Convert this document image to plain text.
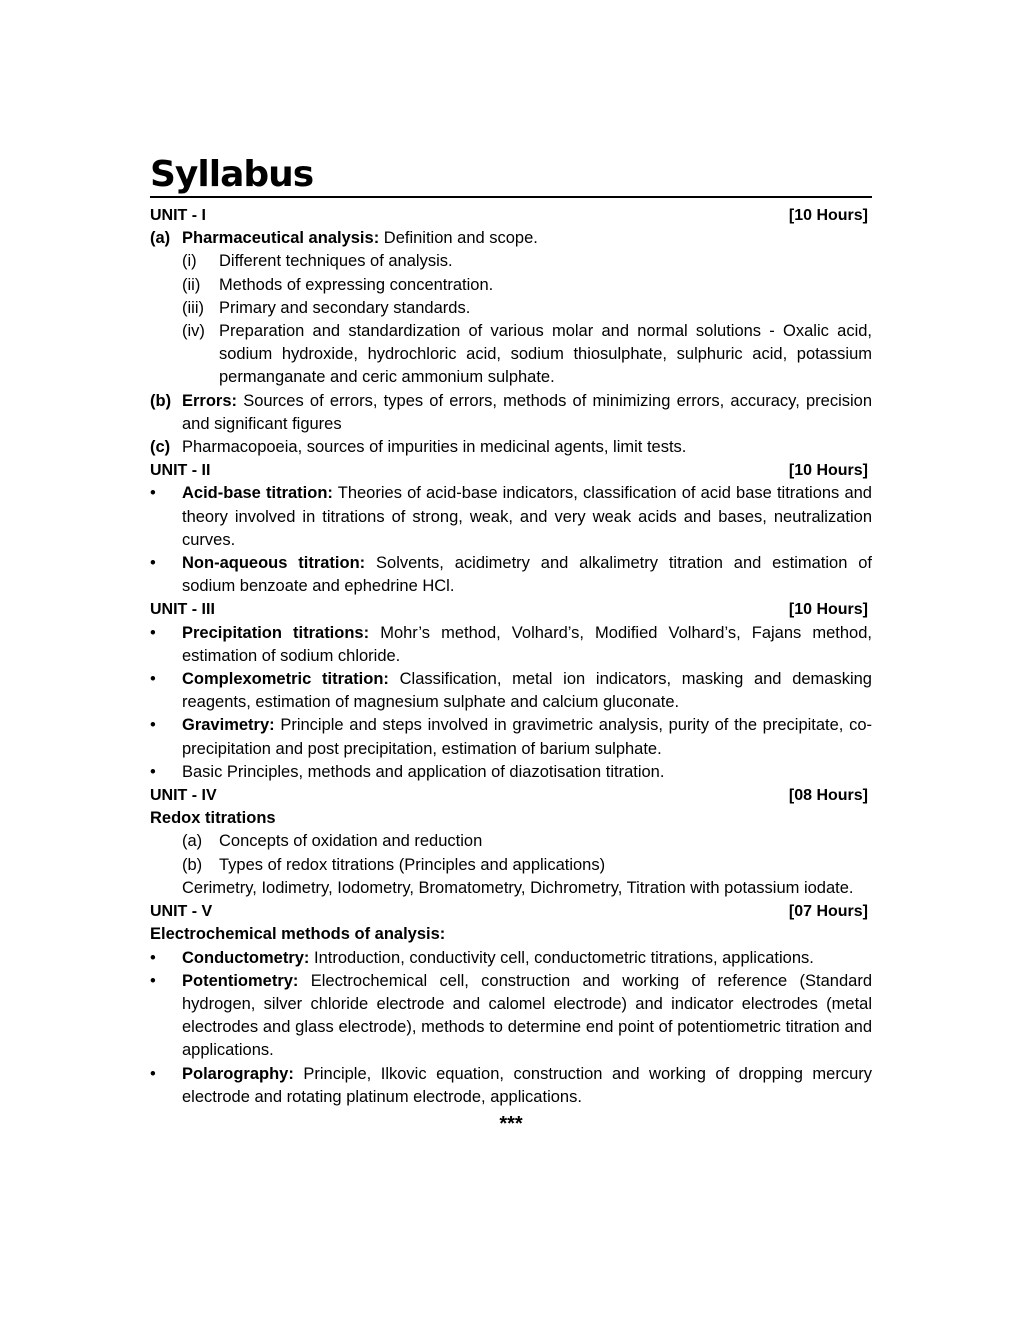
Syllabus
UNIT - I	[10 Hours]
(a) Pharmaceutical analysis: Definition and scope.
(i)	Different techniques of analysis.
(ii)	Methods of expressing concentration.
(iii) Primary and secondary standards.
(iv) Preparation and standardization of various molar and normal solutions - Oxalic acid, sodium hydroxide, hydrochloric acid, sodium thiosulphate, sulphuric acid, potassium permanganate and ceric ammonium sulphate.
(b) Errors: Sources of errors, types of errors, methods of minimizing errors, accuracy, precision and significant figures
(c) Pharmacopoeia, sources of impurities in medicinal agents, limit tests.
UNIT - II	[10 Hours]
•	Acid-base titration: Theories of acid-base indicators, classification of acid base titrations and theory involved in titrations of strong, weak, and very weak acids and bases, neutralization curves.
•	Non-aqueous titration: Solvents, acidimetry and alkalimetry titration and estimation of sodium benzoate and ephedrine HCl.
UNIT - III	[10 Hours]
•	Precipitation titrations: Mohr’s method, Volhard’s, Modified Volhard’s, Fajans method, estimation of sodium chloride.
•	Complexometric titration: Classification, metal ion indicators, masking and demasking reagents, estimation of magnesium sulphate and calcium gluconate.
•	Gravimetry: Principle and steps involved in gravimetric analysis, purity of the precipitate, co-precipitation and post precipitation, estimation of barium sulphate.
•	Basic Principles, methods and application of diazotisation titration.
UNIT - IV	[08 Hours]
Redox titrations
(a)	Concepts of oxidation and reduction
(b)	Types of redox titrations (Principles and applications)
Cerimetry, Iodimetry, Iodometry, Bromatometry, Dichrometry, Titration with potassium iodate.
UNIT - V	[07 Hours]
Electrochemical methods of analysis:
•	Conductometry: Introduction, conductivity cell, conductometric titrations, applications.
•	Potentiometry: Electrochemical cell, construction and working of reference (Standard hydrogen, silver chloride electrode and calomel electrode) and indicator electrodes (metal electrodes and glass electrode), methods to determine end point of potentiometric titration and applications.
•	Polarography: Principle, Ilkovic equation, construction and working of dropping mercury electrode and rotating platinum electrode, applications.
***
